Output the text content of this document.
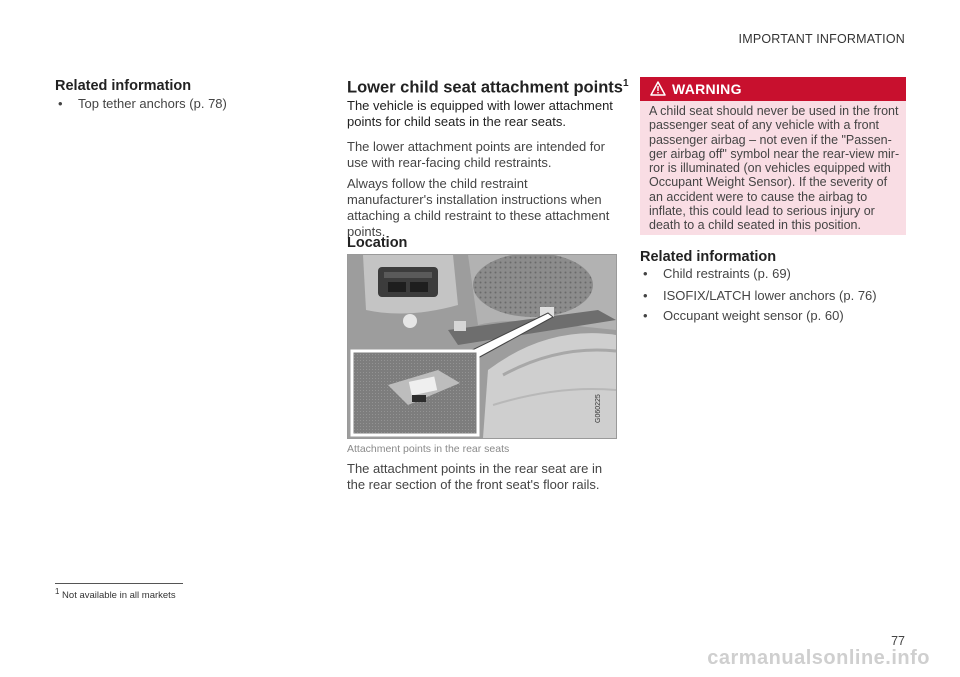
IMPORTANT INFORMATION
Related information
• Top tether anchors (p. 78)
Lower child seat attachment points$^1$
The vehicle is equipped with lower attachment points for child seats in the rear seats.
The lower attachment points are intended for use with rear-facing child restraints.
Always follow the child restraint manufacturer's installation instructions when attaching a child restraint to these attachment points.
Location
G060225
Attachment points in the rear seats
The attachment points in the rear seat are in the rear section of the front seat's floor rails.
WARNING

A child seat should never be used in the front passenger seat of any vehicle with a front passenger airbag – not even if the "Passen-ger airbag off" symbol near the rear-view mir-ror is illuminated (on vehicles equipped with Occupant Weight Sensor). If the severity of an accident were to cause the airbag to inflate, this could lead to serious injury or death to a child seated in this position.

Related information
• Child restraints (p. 69)
• ISOFIX/LATCH lower anchors (p. 76)
• Occupant weight sensor (p. 60)
$^1$ Not available in all markets
77
carmanualsonline.info
